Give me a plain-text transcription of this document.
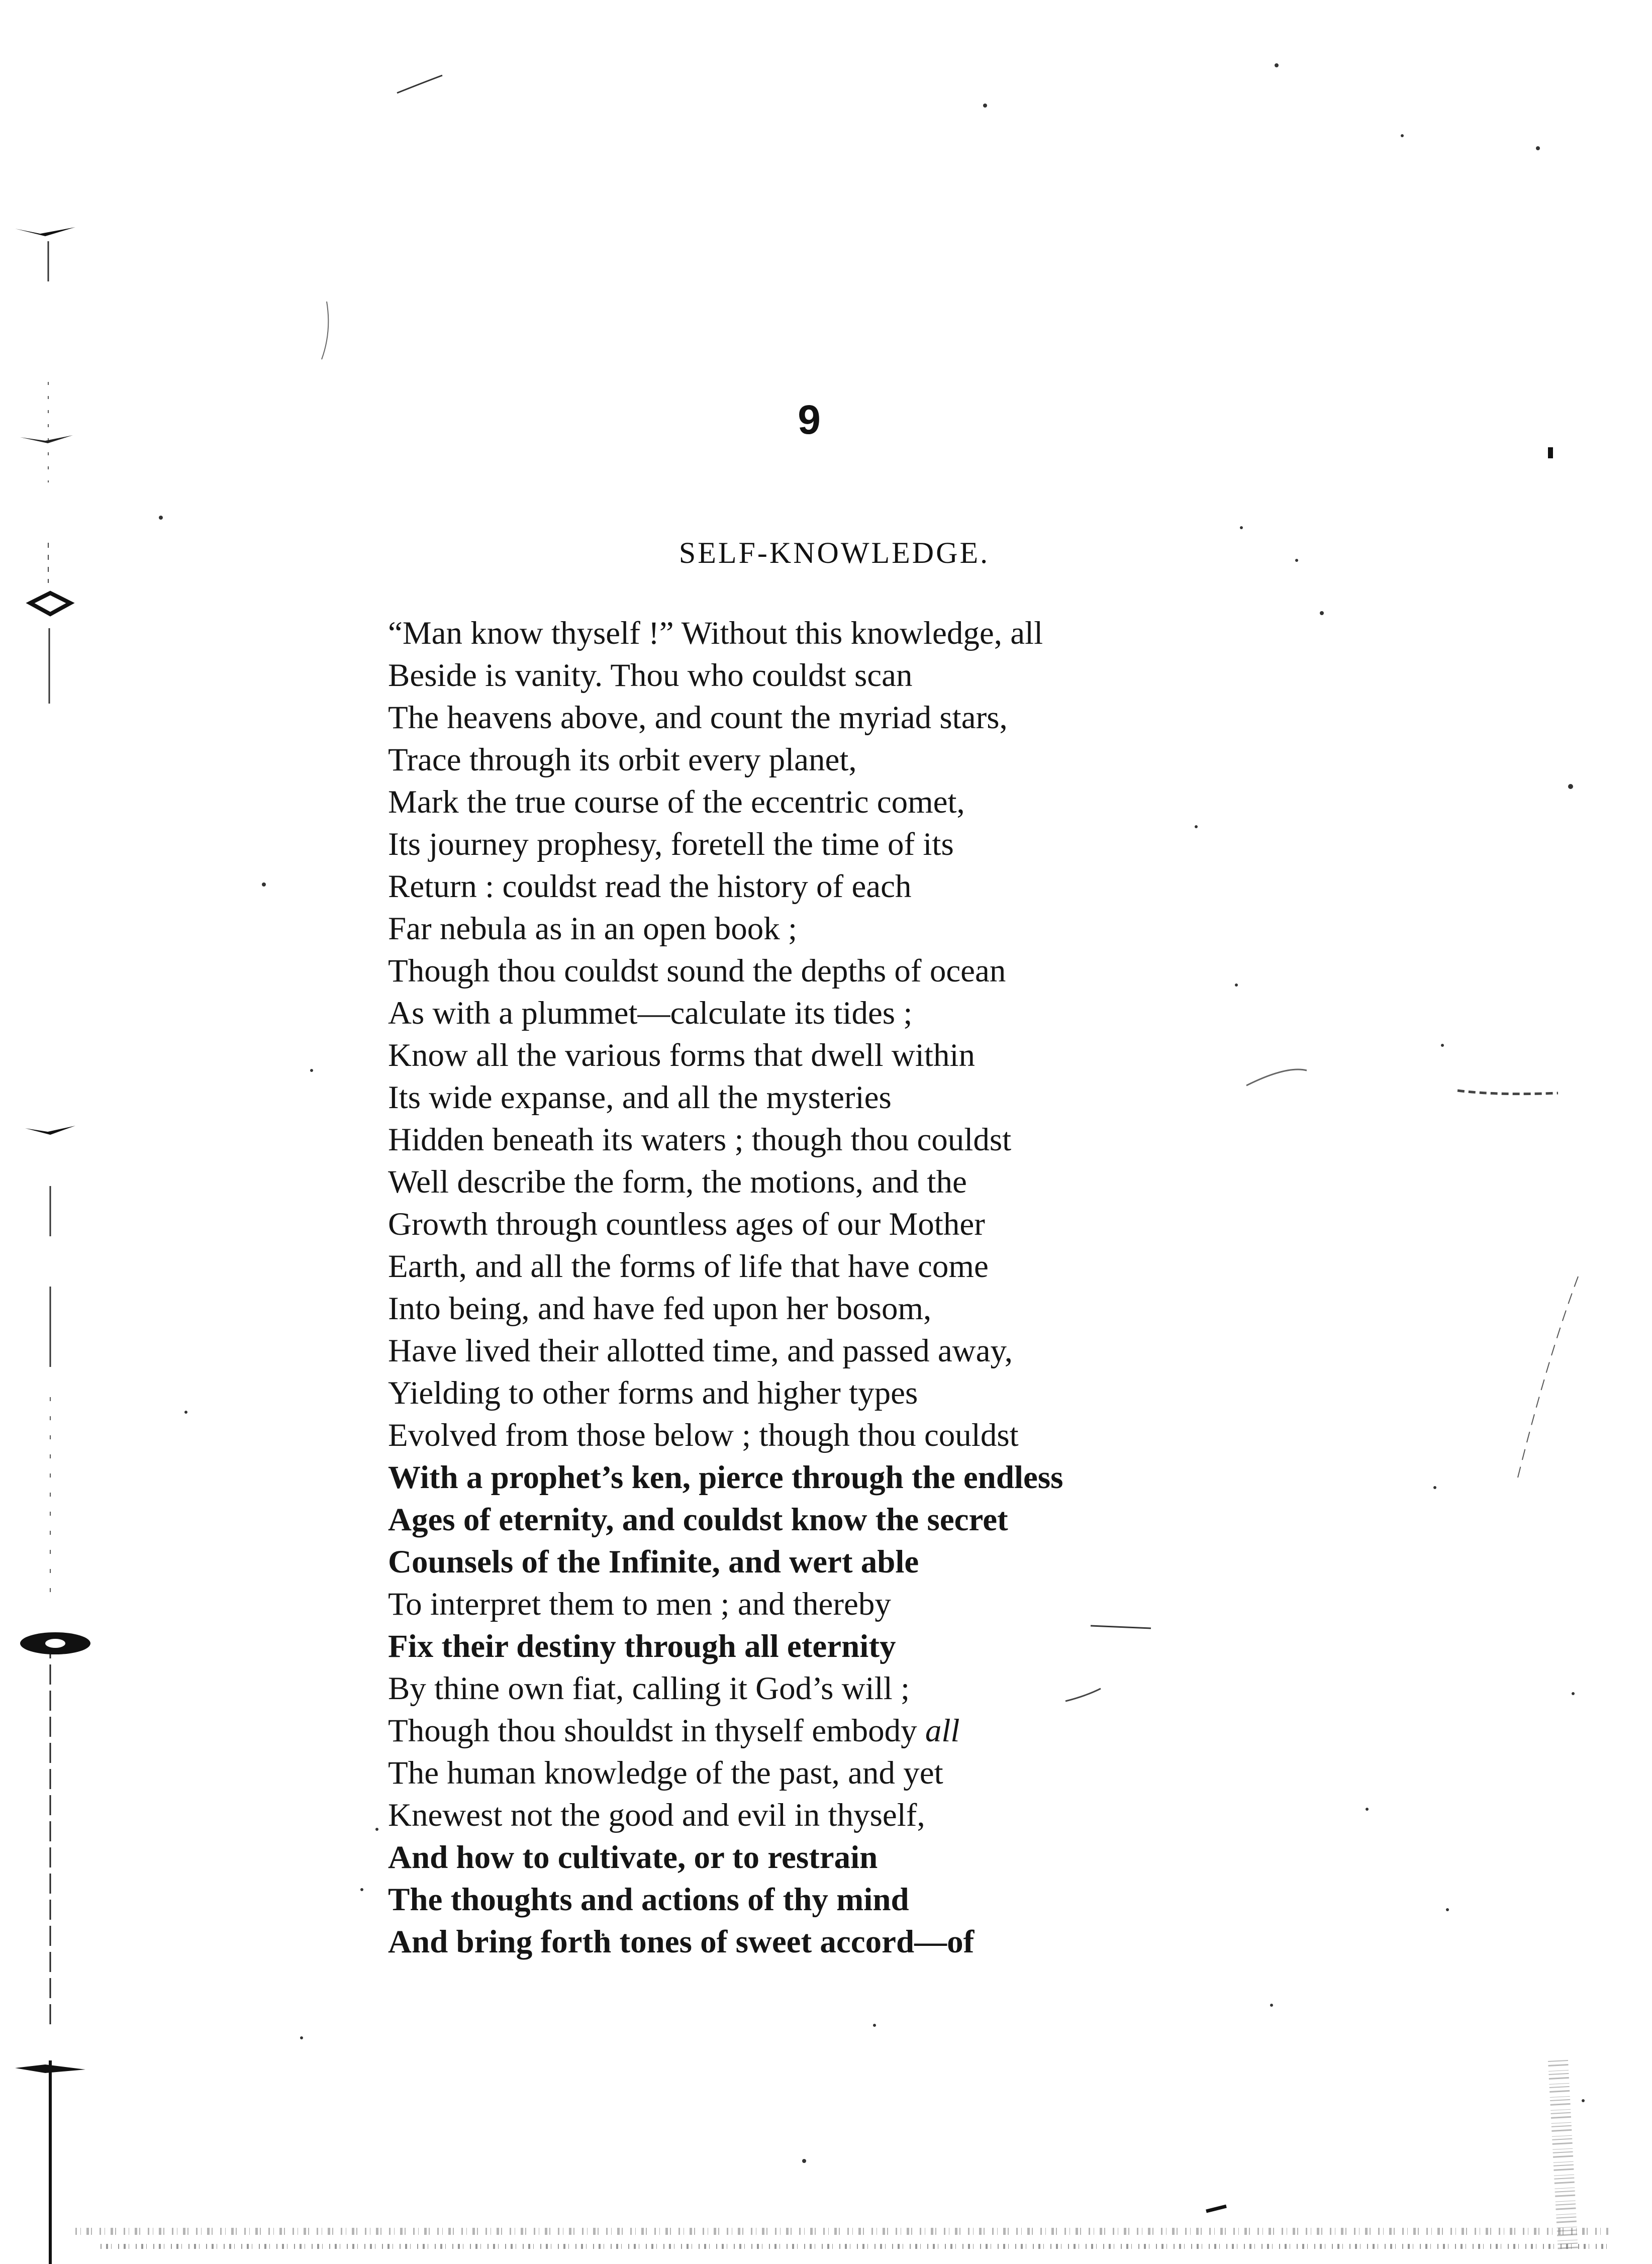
9
SELF-KNOWLEDGE.
“Man know thyself !” Without this knowledge, all
Beside is vanity. Thou who couldst scan
The heavens above, and count the myriad stars,
Trace through its orbit every planet,
Mark the true course of the eccentric comet,
Its journey prophesy, foretell the time of its
Return : couldst read the history of each
Far nebula as in an open book ;
Though thou couldst sound the depths of ocean
As with a plummet—calculate its tides ;
Know all the various forms that dwell within
Its wide expanse, and all the mysteries
Hidden beneath its waters ; though thou couldst
Well describe the form, the motions, and the
Growth through countless ages of our Mother
Earth, and all the forms of life that have come
Into being, and have fed upon her bosom,
Have lived their allotted time, and passed away,
Yielding to other forms and higher types
Evolved from those below ; though thou couldst
With a prophet’s ken, pierce through the endless
Ages of eternity, and couldst know the secret
Counsels of the Infinite, and wert able
To interpret them to men ; and thereby
Fix their destiny through all eternity
By thine own fiat, calling it God’s will ;
Though thou shouldst in thyself embody all
The human knowledge of the past, and yet
Knewest not the good and evil in thyself,
And how to cultivate, or to restrain
The thoughts and actions of thy mind
And bring forth tones of sweet accord—of
